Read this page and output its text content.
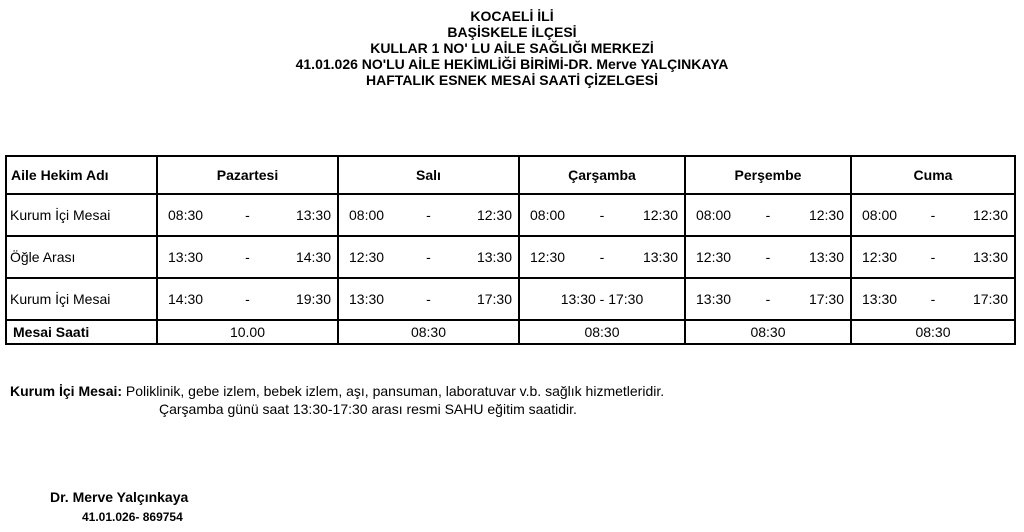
KOCAELİ İLİ
BAŞİSKELE İLÇESİ
KULLAR 1 NO' LU AİLE SAĞLIĞI MERKEZİ
41.01.026 NO'LU AİLE HEKİMLİĞİ BİRİMİ-DR. Merve YALÇINKAYA
HAFTALIK ESNEK MESAİ SAATİ ÇİZELGESİ
Aile Hekim Adı	Pazartesi	Salı	Çarşamba	Perşembe	Cuma
Kurum İçi Mesai	08:30 - 13:30	08:00 - 12:30	08:00 - 12:30	08:00 - 12:30	08:00 - 12:30

Öğle Arası	13:30 - 14:30	12:30 - 13:30	12:30 - 13:30	12:30 - 13:30	12:30 - 13:30

Kurum İçi Mesai	14:30 - 19:30	13:30 - 17:30	13:30 - 17:30	13:30 - 17:30	13:30 - 17:30

Mesai Saati	10.00	08:30	08:30	08:30	08:30
Kurum İçi Mesai: Poliklinik, gebe izlem, bebek izlem, aşı, pansuman, laboratuvar v.b. sağlık hizmetleridir.
Çarşamba günü saat 13:30-17:30 arası resmi SAHU eğitim saatidir.
Dr. Merve Yalçınkaya
41.01.026- 869754
